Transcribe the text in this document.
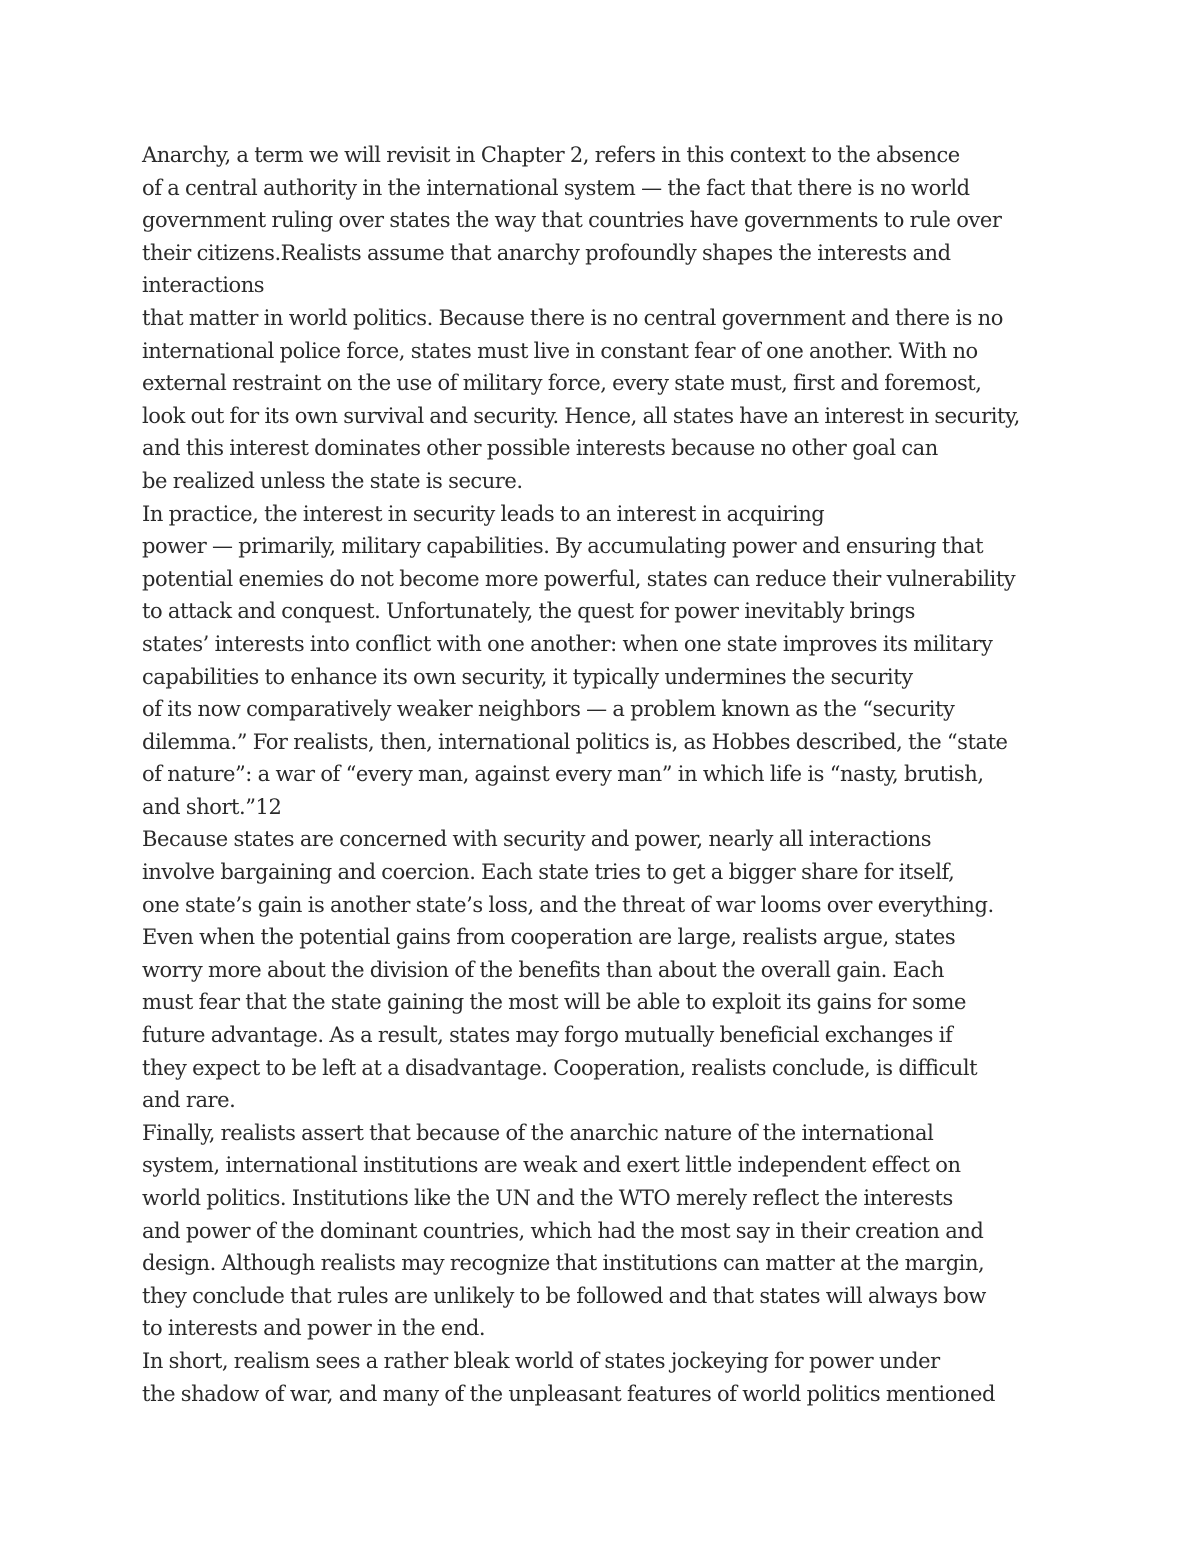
Anarchy, a term we will revisit in Chapter 2, refers in this context to the absence
of a central authority in the international system — the fact that there is no world
government ruling over states the way that countries have governments to rule over
their citizens.Realists assume that anarchy profoundly shapes the interests and
interactions
that matter in world politics. Because there is no central government and there is no
international police force, states must live in constant fear of one another. With no
external restraint on the use of military force, every state must, first and foremost,
look out for its own survival and security. Hence, all states have an interest in security,
and this interest dominates other possible interests because no other goal can
be realized unless the state is secure.
In practice, the interest in security leads to an interest in acquiring
power — primarily, military capabilities. By accumulating power and ensuring that
potential enemies do not become more powerful, states can reduce their vulnerability
to attack and conquest. Unfortunately, the quest for power inevitably brings
states’ interests into conflict with one another: when one state improves its military
capabilities to enhance its own security, it typically undermines the security
of its now comparatively weaker neighbors — a problem known as the “security
dilemma.” For realists, then, international politics is, as Hobbes described, the “state
of nature”: a war of “every man, against every man” in which life is “nasty, brutish,
and short.”12
Because states are concerned with security and power, nearly all interactions
involve bargaining and coercion. Each state tries to get a bigger share for itself,
one state’s gain is another state’s loss, and the threat of war looms over everything.
Even when the potential gains from cooperation are large, realists argue, states
worry more about the division of the benefits than about the overall gain. Each
must fear that the state gaining the most will be able to exploit its gains for some
future advantage. As a result, states may forgo mutually beneficial exchanges if
they expect to be left at a disadvantage. Cooperation, realists conclude, is difficult
and rare.
Finally, realists assert that because of the anarchic nature of the international
system, international institutions are weak and exert little independent effect on
world politics. Institutions like the UN and the WTO merely reflect the interests
and power of the dominant countries, which had the most say in their creation and
design. Although realists may recognize that institutions can matter at the margin,
they conclude that rules are unlikely to be followed and that states will always bow
to interests and power in the end.
In short, realism sees a rather bleak world of states jockeying for power under
the shadow of war, and many of the unpleasant features of world politics mentioned
